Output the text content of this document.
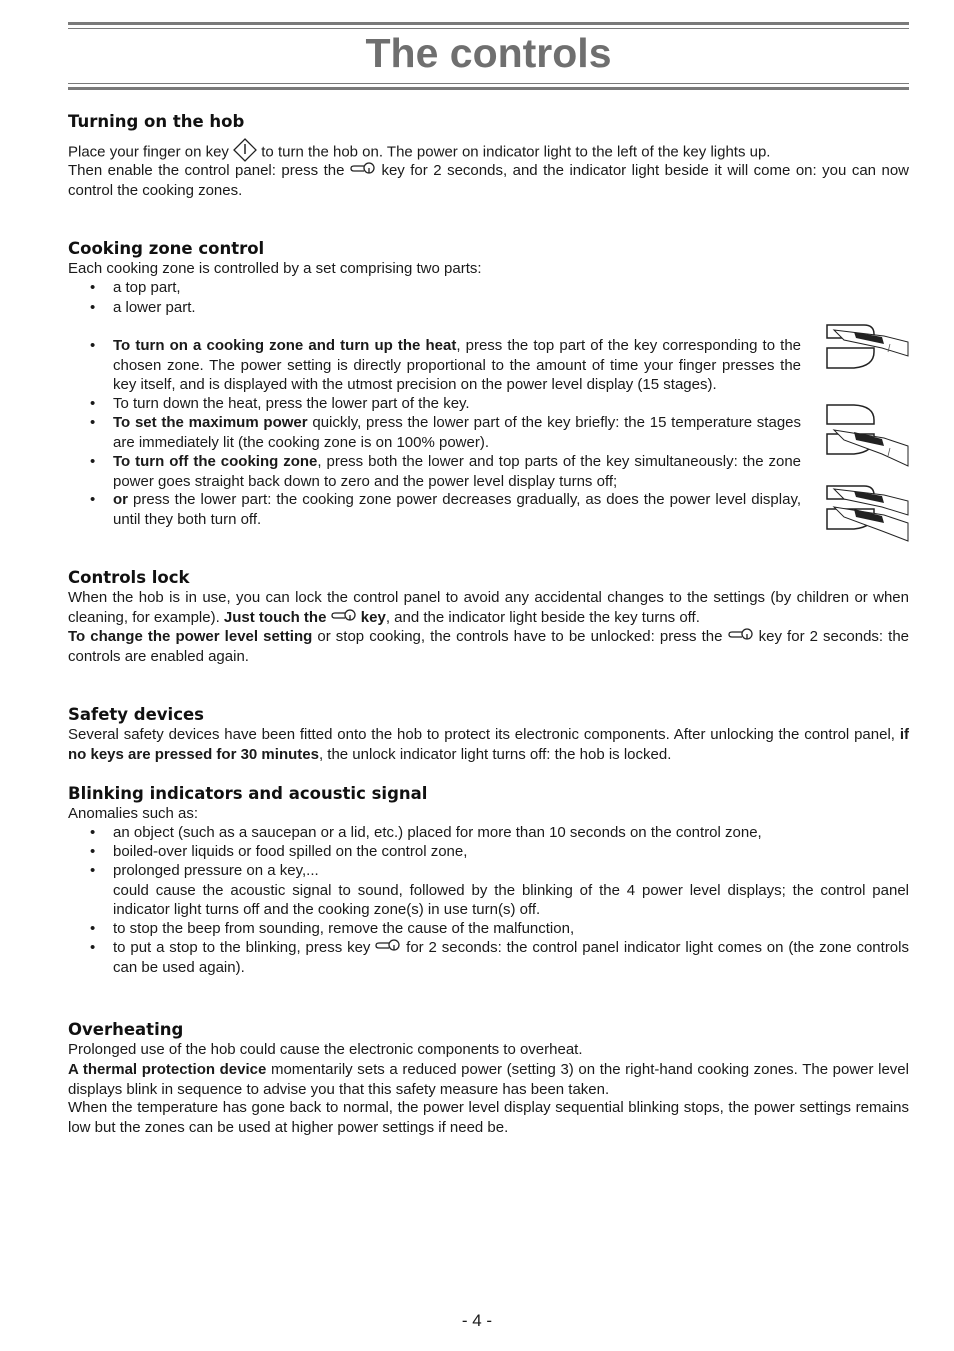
The controls
Turning on the hob
Place your finger on key to turn the hob on. The power on indicator light to the left of the key lights up.
Then enable the control panel: press the key for 2 seconds, and the indicator light beside it will come on: you can now control the cooking zones.
Cooking zone control
Each cooking zone is controlled by a set comprising two parts:
• a top part,
• a lower part.
• To turn on a cooking zone and turn up the heat, press the top part of the key corresponding to the chosen zone. The power setting is directly proportional to the amount of time your finger presses the key itself, and is displayed with the utmost precision on the power level display (15 stages).
• To turn down the heat, press the lower part of the key.
• To set the maximum power quickly, press the lower part of the key briefly: the 15 temperature stages are immediately lit (the cooking zone is on 100% power).
• To turn off the cooking zone, press both the lower and top parts of the key simultaneously: the zone power goes straight back down to zero and the power level display turns off;
• or press the lower part: the cooking zone power decreases gradually, as does the power level display, until they both turn off.
Controls lock
When the hob is in use, you can lock the control panel to avoid any accidental changes to the settings (by children or when cleaning, for example). Just touch the key, and the indicator light beside the key turns off.
To change the power level setting or stop cooking, the controls have to be unlocked: press the key for 2 seconds: the controls are enabled again.
Safety devices
Several safety devices have been fitted onto the hob to protect its electronic components. After unlocking the control panel, if no keys are pressed for 30 minutes, the unlock indicator light turns off: the hob is locked.
Blinking indicators and acoustic signal
Anomalies such as:
• an object (such as a saucepan or a lid, etc.) placed for more than 10 seconds on the control zone,
• boiled-over liquids or food spilled on the control zone,
• prolonged pressure on a key,...
could cause the acoustic signal to sound, followed by the blinking of the 4 power level displays; the control panel indicator light turns off and the cooking zone(s) in use turn(s) off.
• to stop the beep from sounding, remove the cause of the malfunction,
• to put a stop to the blinking, press key for 2 seconds: the control panel indicator light comes on (the zone controls can be used again).
Overheating
Prolonged use of the hob could cause the electronic components to overheat.
A thermal protection device momentarily sets a reduced power (setting 3) on the right-hand cooking zones. The power level displays blink in sequence to advise you that this safety measure has been taken.
When the temperature has gone back to normal, the power level display sequential blinking stops, the power settings remains low but the zones can be used at higher power settings if need be.
- 4 -
